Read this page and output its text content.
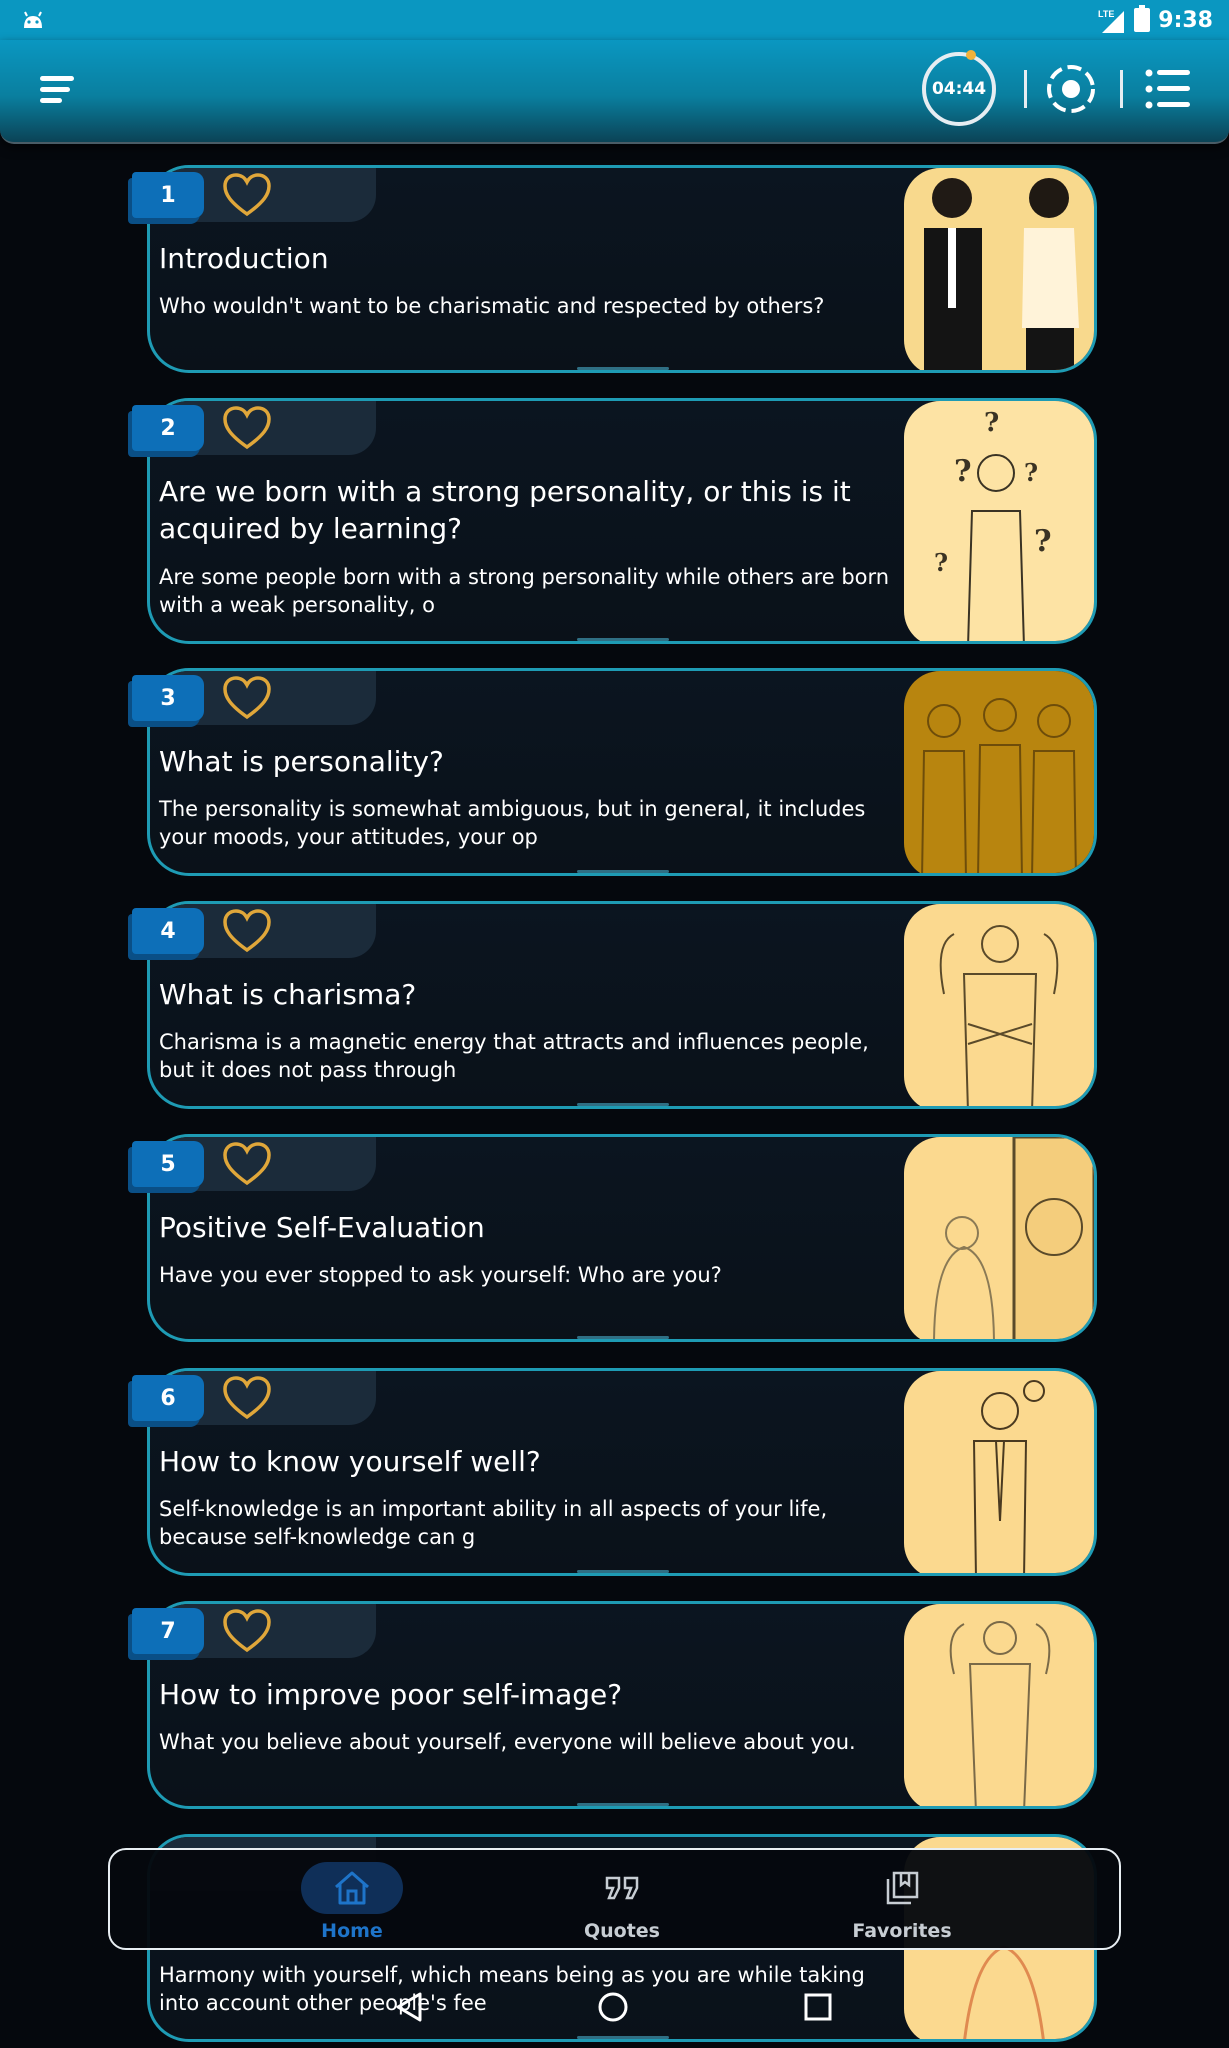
LTE 9:38
04:44
Introduction
Who wouldn't want to be charismatic and respected by others?
1
Are we born with a strong personality, or this is it acquired by learning?
Are some people born with a strong personality while others are born with a weak personality, o
? ?
?
?
?
2
What is personality?
The personality is somewhat ambiguous, but in general, it includes your moods, your attitudes, your op
3
What is charisma?
Charisma is a magnetic energy that attracts and influences people, but it does not pass through
4
Positive Self-Evaluation
Have you ever stopped to ask yourself: Who are you?
5
How to know yourself well?
Self-knowledge is an important ability in all aspects of your life, because self-knowledge can g
6
How to improve poor self-image?
What you believe about yourself, everyone will believe about you.
7
Harmony with yourself, which means being as you are while taking into account other people's fee
Home	Quotes	Favorites
